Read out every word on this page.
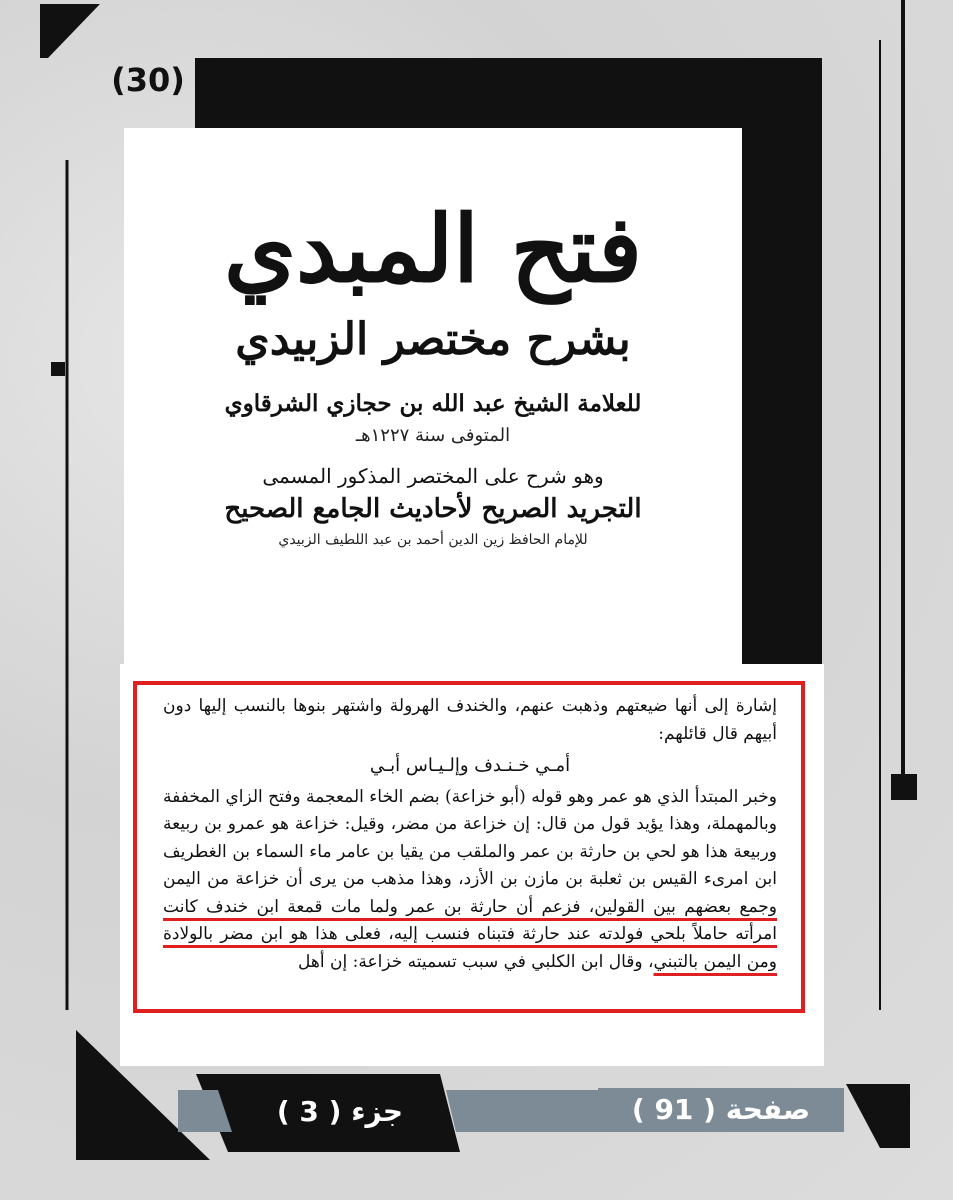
(30)
فتح المبدي
بشرح مختصر الزبيدي
للعلامة الشيخ عبد الله بن حجازي الشرقاوي
المتوفى سنة ١٢٢٧هـ
وهو شرح على المختصر المذكور المسمى
التجريد الصريح لأحاديث الجامع الصحيح
للإمام الحافظ زين الدين أحمد بن عبد اللطيف الزبيدي

إشارة إلى أنها ضيعتهم وذهبت عنهم، والخندف الهرولة واشتهر بنوها بالنسب إليها دون أبيهم قال قائلهم:

أمـي خـنـدف وإلـيـاس أبـي

وخبر المبتدأ الذي هو عمر وهو قوله (أبو خزاعة) بضم الخاء المعجمة وفتح الزاي المخففة وبالمهملة، وهذا يؤيد قول من قال: إن خزاعة من مضر، وقيل: خزاعة هو عمرو بن ربيعة وربيعة هذا هو لحي بن حارثة بن عمر والملقب من يقيا بن عامر ماء السماء بن الغطريف ابن امرىء القيس بن ثعلبة بن مازن بن الأزد، وهذا مذهب من يرى أن خزاعة من اليمن وجمع بعضهم بين القولين، فزعم أن حارثة بن عمر ولما مات قمعة ابن خندف كانت امرأته حاملاً بلحي فولدته عند حارثة فتبناه فنسب إليه، فعلى هذا هو ابن مضر بالولادة ومن اليمن بالتبني، وقال ابن الكلبي في سبب تسميته خزاعة: إن أهل

جزء ( 3 )	صفحة ( 91 )
